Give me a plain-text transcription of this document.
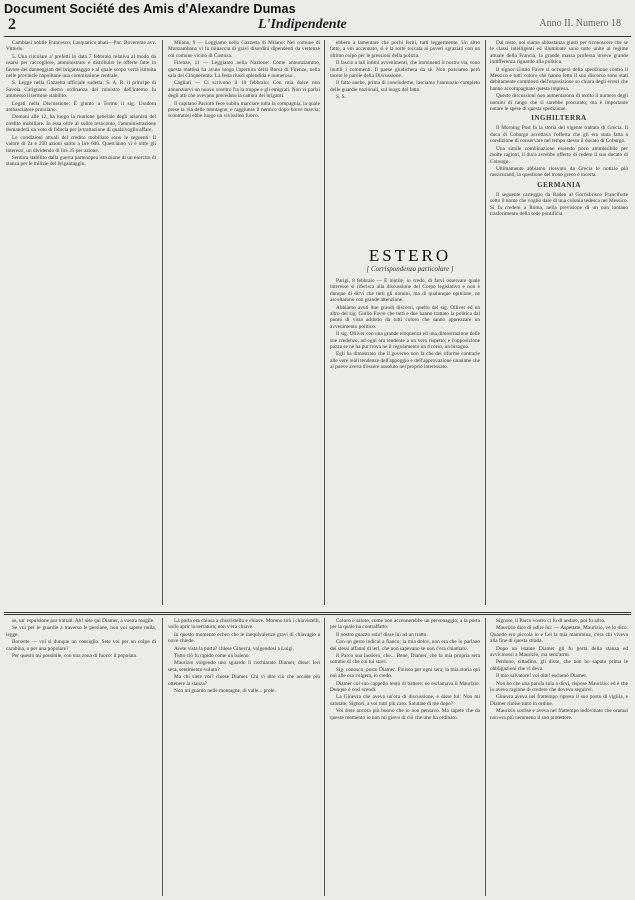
Document Société des Amis d'Alexandre Dumas
2	L'Indipendente	Anno II. Numero 18

Cambiasi nobile Francesco; Lasquarico abati—Pac. Boverente avv. Vittorio.

5. Una circolare a' prefetti in data 7 febbraio relativa al modo da usarsi per raccogliere, amministrare e distribuire le offerte fatte in favore dei danneggiati del brigantaggio e al quale scopo verrà istituita nelle provincie napolitane una commissione centrale.

S. Legge nella Gazzetta ufficiale sudetta: S. A. R. il principe di Savoia Carignano dietro ordinanza del ministro dell'interno fu ammesso il termine stabilito.

Legati nella Discussione: È giunto a Torino il sig. Ussdom ambasciatore prussiano.

Domani alle 12, ha luogo la riunione generale degli azionisti del credito mobiliare. In essa oltre al solito resoconto, l'amministrazione domanderà un voto di fiducia per la trattazione di qualsivoglia affare.

Le condizioni attuali del credito mobiliare sono le seguenti: Il valore di 2a e 250 azioni salito a lire 600. Quest'anno vi è oltre gli interessi, un dividendo di lire 25 per azione.

Sembra stabilito dalla guerra partenopea istruzione di un esercito di stanza per le milizie del brigantaggio.

Milano, 9 — Leggiamo nella Gazzetta di Milano: Nel comune di Monzambano vi fu minaccia di gravi disordini dipendenti da vertenze col comune vicino di Custoza.

Firenze, 11 — Leggiamo nella Nazione: Come annunziammo, questa mattina ha avuto luogo l'apertura della Borsa di Firenze, nella sala dei Cinquecento. La festa riuscì splendida e numerosa.

Cagliari — Ci scrivono il 10 febbraio: Con mia dolce non annunziarvi un nuovo scontro fra la truppe e gli emigrati. Non vi parlai degli atti che avevano preceduto la cattura dei briganti.

Il capitano Paciotti fece subito marciare tutta la compagnia, la quale prese la via delle montagne, e raggiunse il nemico dopo breve marcia; scontratosi ebbe luogo un vivissimo fuoco.

ebbero a lamentare che pochi feriti, tutti leggermente. Un altro fatto, a voi accennato, si è la sorte toccata ai poveri sgraziati con un ultimo colpo per le pressioni della polizia.

Il fascio a tali intimi avvenimenti, che imminenti il nostro via, sono inutili i commenti. Il paese giudichera da sè. Non possiamo però tacere le parole della Discussione.

Il fatto anche, prima di concluderne, lasciamo l'annunzio completo delle guardie nazionali, sul luogo del fatto.

S. S.

ESTERO
[ Corrispondenza particolare ]

Parigi, 8 febbraio — È inutile, io credo, di farvi osservare quale interesse si riferisca alla discussione del Corpo legislativo e non è dunque di dirvi che tutti gli uomini, ma di qualunque opinione, ne ascoltarono con grande attenzione.

Abbiamo avuti due grandi discorsi, quello del sig. Olliver ed un altro del sig. Giulio Favre che tutti e due hanno trattato la politica dal punto di vista addotto da tutti coloro che sanno apprezzare un avvenimento politico.

Il sig. Olliver con una grande eloquenza ed una dimostrazione delle sue credenze, ad ogni ora tendente a un vero rispetto; e l'opposizione pazza se ne ha pur trova ne il regolamento un ricorso, un bisogno.

Egli ha dimostrato che il governo non fa che dei riforme contrarie alle vere reali tendenze dell'appoggio e dell'approvazione unanime che al pueve aveva d'essere assoluto nel proprio interessato.

Dal resto, noi siamo abbastanza giusti per riconoscere che se le classi intelligenti ed illuminate sono tutte unite al regime attuale della Francia, la grande massa professa invece grande indifferenza riguardo alla politica.

Il signor Giulio Favre si occuperà della spedizione contro il Messico e tutti coloro che hanno letto il suo discorso sono stati debitamente commossi dell'esposizione su chiara degli errori che hanno accompagnato questa impresa.

Queste discussioni non aumentarono di molto il numero degli uomini di rango che si sarebbe procurato; ma è importante notare le spese di questa spedizione.

INGHILTERRA

Il Morning Post fa la storia del vigente trattato di Grecia. Il duca di Coburgo accettava l'offerta che gli era stata fatta a condizione di conservare nel tempo stesso il ducato di Coburgo.

Una simile combinazione essendo poco ammissibile per molte ragioni, il duca avrebbe offerto di cedere il suo ducato di Coburgo.

Ultimamente abbiamo ricevuto da Grecia le notizie più rassicuranti, la questione del trono greco è incerta.

GERMANIA

Il seguente carteggio da Baden al Gorrisbrisco Franciforte sotto il nome che voglio dare di una colonia tedesca nel Messico. Si fa credere a Roma, nella previsione di un non lontano trasferimento della sede pontificia.

se, un' espulsione pur trattati. Ah! sète qui Diamer, a vostra moglie.

Se voi per le guardie a traverso le persiane, non voi sapete nulla, legge.

Borsette — voi si dunque un consiglio. Sete voi per un colpo di carabina, o per una popolare?

Per questo mi possibile, con una zona di fuoco: il popolato.

La porta era chiusa a chiavistello e chiave. Moreno tirò i chiavistelli, volle aprir la serratura; non v'era chiave.

In questo momento echeo che le inequivalenze gravi di chiavagio a nove chiede.

Avete vista la porta? chiese Ginevra, volgendosi a Luigi.

Tutto ciò fu rapido come un baleno.

Maurizio volgendo uno sguardo lì rischiarato Diamer, disse: Ieri sera, sentimento voluto?

Ma chi siete voi? chiese Diamer. Chi vi dire ciò che accade più ottenere la stanza?

Non mi guardo nelle montagne, di valle... prole.

Coloro e saluto, come non accennerebbe un personaggio; a la porta per la quale ha contraffatto.

Il nostro guazzo solo! disse lui ad un tratto.

Con un gesto indicai a fianco; la mia dolce, non era che io parlano dei stessi affanni di ieri, che non sapevano se non c'era chiamato.

Il Parco sua lassiero, che... Bene, Diamer, che la mia propria sera sommo di che cui tui stavi.

Sig. conosco, posto Diamer. Finisco per ogni sera; la mia storia qui noi alle ora volgera, io credo.

Diamer col suo cappello tentò di battere, ne esclamava il Maurizio. Dunque è così scendi.

La Ginevra che aveva un'ora di discussione, e disse lui: Non mi salutate, Signori, a voi tutti più caro. Salutate di me dopo?

Voi siete ancora più buono che io non pensavo. Ma sapete che da questo momento io non mi giovo di ciò che uno ha ordinato.

Signore, il Parco vostro ci fu di andare, poi fu altro.

Maurizio dice di udire lui: — Aspettate, Maurizio, ve lo dico. Quando ero piccola io e Lei la mia mammina, c'era chi viveva alla fine di questa strada.

Dopo un istante Diamer gli fu porta della stanza ed avvicinossi a Maurizio, ma senz'armi.

Perdono, cittadino, gli disse, che non ho saputo prima le obbligazioni che vi devo.

Il mio salvatore! voi dite! esclamò Diamer.

Non ho che una parola sola a dirvi, rispose Maurizio: ed è che io avevo ragione di credere che dovevo seguirvi.

Ginevra aveva nel frattempo ripreso il suo posto di vigilia, e Diamer rimise tutto in ordine.

Maurizio sorrise e aveva nel frattempo indovinato che oramai non era più nemmeno il suo protettore.
